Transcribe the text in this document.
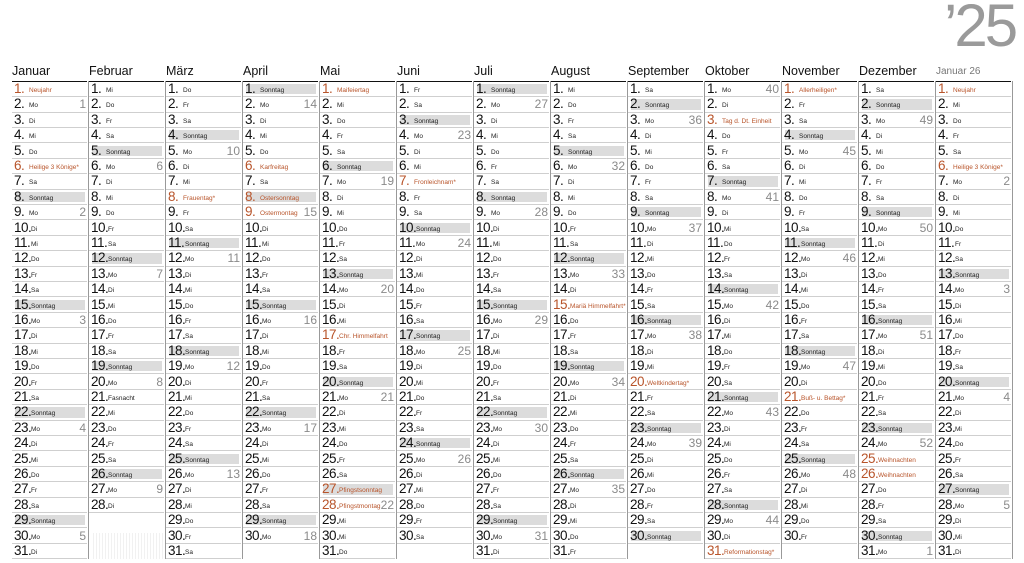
’25
Januar
1. Neujahr
2. Mo	1
3. Di
4. Mi
5. Do
6. Heilige 3 Könige*
7. Sa
8. Sonntag
9. Mo	2
10. Di
11. Mi
12. Do
13. Fr
14. Sa
15. Sonntag
16. Mo	3
17. Di
18. Mi
19. Do
20. Fr
21. Sa
22. Sonntag
23. Mo	4
24. Di
25. Mi
26. Do
27. Fr
28. Sa
29. Sonntag
30. Mo	5
31. Di
Februar
1. Mi
2. Do
3. Fr
4. Sa
5. Sonntag
6. Mo	6
7. Di
8. Mi
9. Do
10. Fr
11. Sa
12. Sonntag
13. Mo	7
14. Di
15. Mi
16. Do
17. Fr
18. Sa
19. Sonntag
20. Mo	8
21. Fasnacht
22. Mi
23. Do
24. Fr
25. Sa
26. Sonntag
27. Mo	9
28. Di
März
1. Do
2. Fr
3. Sa
4. Sonntag
5. Mo	10
6. Di
7. Mi
8. Frauentag*
9. Fr
10. Sa
11. Sonntag
12. Mo	11
13. Di
14. Mi
15. Do
16. Fr
17. Sa
18. Sonntag
19. Mo	12
20. Di
21. Mi
22. Do
23. Fr
24. Sa
25. Sonntag
26. Mo	13
27. Di
28. Mi
29. Do
30. Fr
31. Sa
April
1. Sonntag
2. Mo	14
3. Di
4. Mi
5. Do
6. Karfreitag
7. Sa
8. Ostersonntag
9. Ostermontag 15
10. Di
11. Mi
12. Do
13. Fr
14. Sa
15. Sonntag
16. Mo	16
17. Di
18. Mi
19. Do
20. Fr
21. Sa
22. Sonntag
23. Mo	17
24. Di
25. Mi
26. Do
27. Fr
28. Sa
29. Sonntag
30. Mo	18
Mai
1. Maifeiertag
2. Mi
3. Do
4. Fr
5. Sa
6. Sonntag
7. Mo	19
8. Di
9. Mi
10. Do
11. Fr
12. Sa
13. Sonntag
14. Mo	20
15. Di
16. Mi
17. Chr. Himmelfahrt
18. Fr
19. Sa
20. Sonntag
21. Mo	21
22. Di
23. Mi
24. Do
25. Fr
26. Sa
27. Pfingstsonntag
28. Pfingstmontag 22
29. Mi
30. Mi
31. Do
Juni
1. Fr
2. Sa
3. Sonntag
4. Mo	23
5. Di
6. Mi
7. Fronleichnam*
8. Fr
9. Sa
10. Sonntag
11. Mo	24
12. Di
13. Mi
14. Do
15. Fr
16. Sa
17. Sonntag
18. Mo	25
19. Di
20. Mi
21. Do
22. Fr
23. Sa
24. Sonntag
25. Mo	26
26. Di
27. Mi
28. Do
29. Fr
30. Sa
Juli
1. Sonntag
2. Mo	27
3. Di
4. Mi
5. Do
6. Fr
7. Sa
8. Sonntag
9. Mo	28
10. Di
11. Mi
12. Do
13. Fr
14. Sa
15. Sonntag
16. Mo	29
17. Di
18. Mi
19. Do
20. Fr
21. Sa
22. Sonntag
23. Mo	30
24. Di
25. Mi
26. Do
27. Fr
28. Sa
29. Sonntag
30. Mo	31
31. Di
August
1. Mi
2. Do
3. Fr
4. Sa
5. Sonntag
6. Mo	32
7. Di
8. Mi
9. Do
10. Fr
11. Sa
12. Sonntag
13. Mo	33
14. Di
15. Mariä Himmelfahrt*
16. Do
17. Fr
18. Sa
19. Sonntag
20. Mo	34
21. Di
22. Mi
23. Do
24. Fr
25. Sa
26. Sonntag
27. Mo	35
28. Di
29. Mi
30. Do
31. Fr
September
1. Sa
2. Sonntag
3. Mo	36
4. Di
5. Mi
6. Do
7. Fr
8. Sa
9. Sonntag
10. Mo	37
11. Di
12. Mi
13. Do
14. Fr
15. Sa
16. Sonntag
17. Mo	38
18. Di
19. Mi
20. Weltkindertag*
21. Fr
22. Sa
23. Sonntag
24. Mo	39
25. Di
26. Mi
27. Do
28. Fr
29. Sa
30. Sonntag
Oktober
1. Mo	40
2. Di
3. Tag d. Dt. Einheit
4. Do
5. Fr
6. Sa
7. Sonntag
8. Mo	41
9. Di
10. Mi
11. Do
12. Fr
13. Sa
14. Sonntag
15. Mo	42
16. Di
17. Mi
18. Do
19. Fr
20. Sa
21. Sonntag
22. Mo	43
23. Di
24. Mi
25. Do
26. Fr
27. Sa
28. Sonntag
29. Mo	44
30. Di
31. Reformationstag*
November
1. Allerheiligen*
2. Fr
3. Sa
4. Sonntag
5. Mo	45
6. Di
7. Mi
8. Do
9. Fr
10. Sa
11. Sonntag
12. Mo	46
13. Di
14. Mi
15. Do
16. Fr
17. Sa
18. Sonntag
19. Mo	47
20. Di
21. Buß- u. Bettag*
22. Do
23. Fr
24. Sa
25. Sonntag
26. Mo	48
27. Di
28. Mi
29. Do
30. Fr
Dezember
1. Sa
2. Sonntag
3. Mo	49
4. Di
5. Mi
6. Do
7. Fr
8. Sa
9. Sonntag
10. Mo	50
11. Di
12. Mi
13. Do
14. Fr
15. Sa
16. Sonntag
17. Mo	51
18. Di
19. Mi
20. Do
21. Fr
22. Sa
23. Sonntag
24. Mo	52
25. Weihnachten
26. Weihnachten
27. Do
28. Fr
29. Sa
30. Sonntag
31. Mo	1
Januar 26
1. Neujahr
2. Mi
3. Do
4. Fr
5. Sa
6. Heilige 3 Könige*
7. Mo	2
8. Di
9. Mi
10. Do
11. Fr
12. Sa
13. Sonntag
14. Mo	3
15. Di
16. Mi
17. Do
18. Fr
19. Sa
20. Sonntag
21. Mo	4
22. Di
23. Mi
24. Do
25. Fr
26. Sa
27. Sonntag
28. Mo	5
29. Di
30. Mi
31. Di
